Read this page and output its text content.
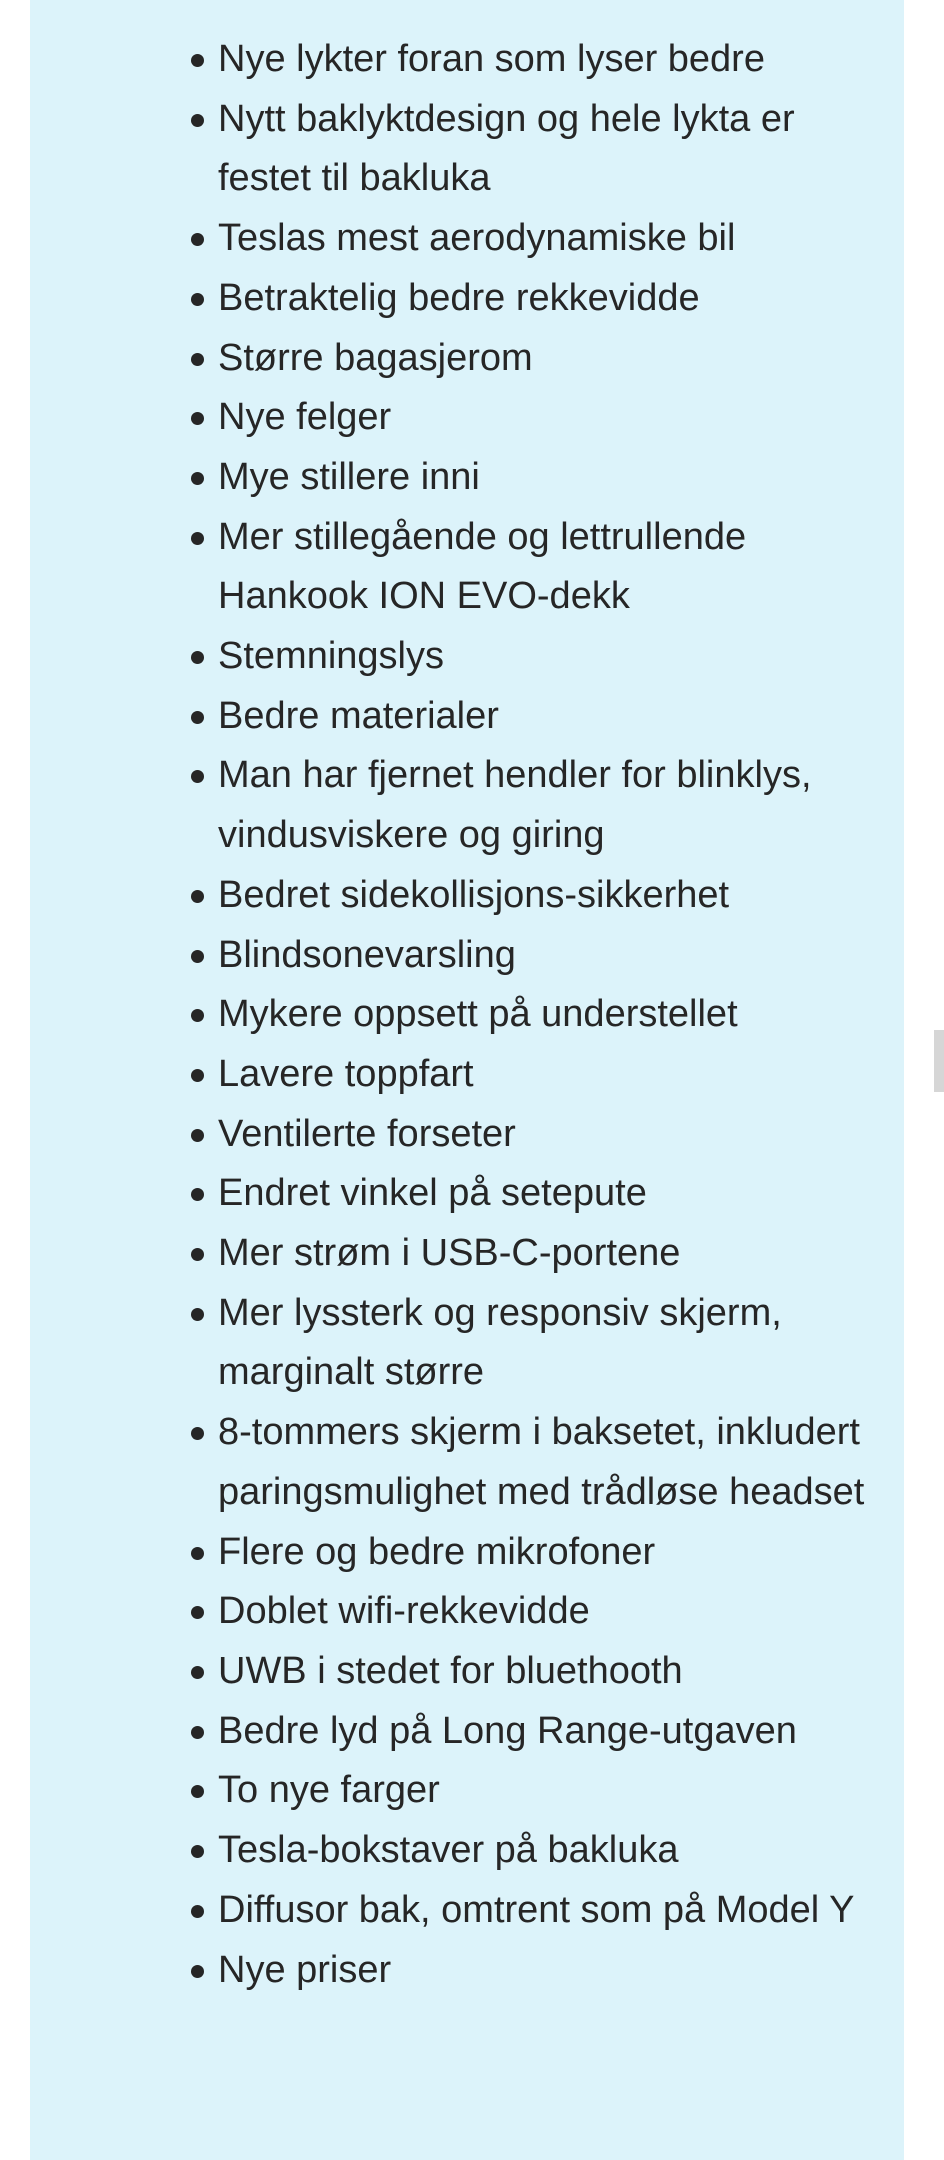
Nye lykter foran som lyser bedre
Nytt baklyktdesign og hele lykta er festet til bakluka
Teslas mest aerodynamiske bil
Betraktelig bedre rekkevidde
Større bagasjerom
Nye felger
Mye stillere inni
Mer stillegående og lettrullende Hankook ION EVO-dekk
Stemningslys
Bedre materialer
Man har fjernet hendler for blinklys, vindusviskere og giring
Bedret sidekollisjons-sikkerhet
Blindsonevarsling
Mykere oppsett på understellet
Lavere toppfart
Ventilerte forseter
Endret vinkel på setepute
Mer strøm i USB-C-portene
Mer lyssterk og responsiv skjerm, marginalt større
8-tommers skjerm i baksetet, inkludert paringsmulighet med trådløse headset
Flere og bedre mikrofoner
Doblet wifi-rekkevidde
UWB i stedet for bluethooth
Bedre lyd på Long Range-utgaven
To nye farger
Tesla-bokstaver på bakluka
Diffusor bak, omtrent som på Model Y
Nye priser
